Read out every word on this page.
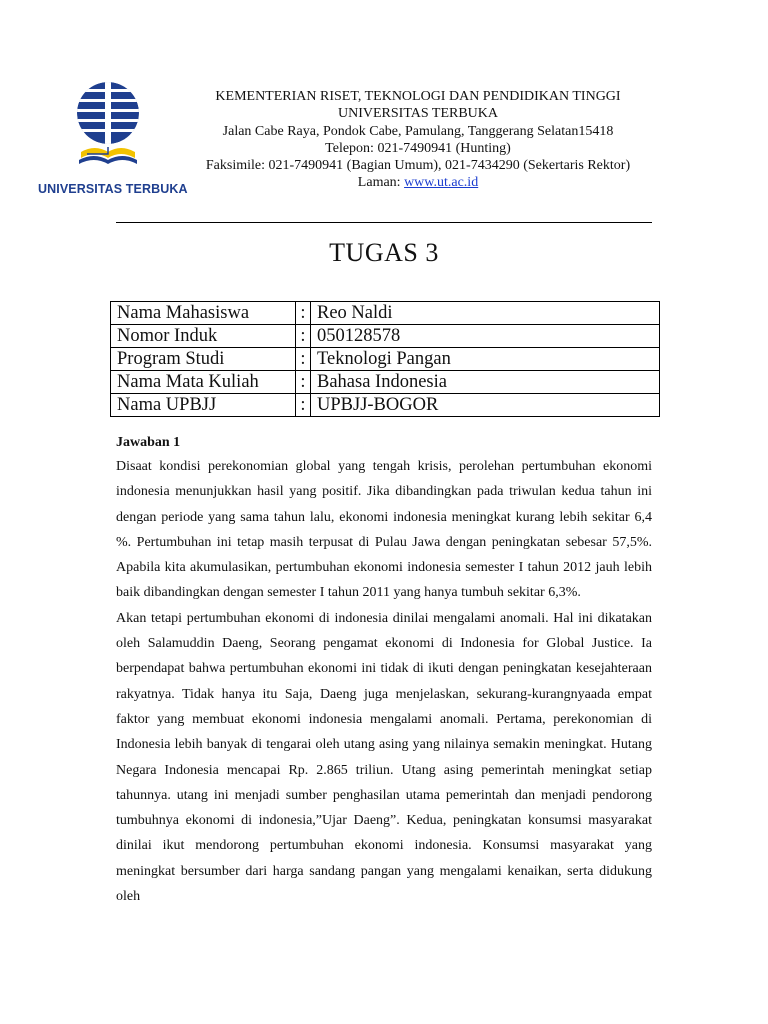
UNIVERSITAS TERBUKA
KEMENTERIAN RISET, TEKNOLOGI DAN PENDIDIKAN TINGGI
UNIVERSITAS TERBUKA
Jalan Cabe Raya, Pondok Cabe, Pamulang, Tanggerang Selatan15418
Telepon: 021-7490941 (Hunting)
Faksimile: 021-7490941 (Bagian Umum), 021-7434290 (Sekertaris Rektor)
Laman: www.ut.ac.id
TUGAS 3
Nama Mahasiswa	:	Reo Naldi
Nomor Induk	:	050128578
Program Studi	:	Teknologi Pangan
Nama Mata Kuliah	:	Bahasa Indonesia
Nama UPBJJ	:	UPBJJ-BOGOR
Jawaban 1

Disaat kondisi perekonomian global yang tengah krisis, perolehan pertumbuhan ekonomi indonesia menunjukkan hasil yang positif. Jika dibandingkan pada triwulan kedua tahun ini dengan periode yang sama tahun lalu, ekonomi indonesia meningkat kurang lebih sekitar 6,4 %. Pertumbuhan ini tetap masih terpusat di Pulau Jawa dengan peningkatan sebesar 57,5%. Apabila kita akumulasikan, pertumbuhan ekonomi indonesia semester I tahun 2012 jauh lebih baik dibandingkan dengan semester I tahun 2011 yang hanya tumbuh sekitar 6,3%.

Akan tetapi pertumbuhan ekonomi di indonesia dinilai mengalami anomali. Hal ini dikatakan oleh Salamuddin Daeng, Seorang pengamat ekonomi di Indonesia for Global Justice. Ia berpendapat bahwa pertumbuhan ekonomi ini tidak di ikuti dengan peningkatan kesejahteraan rakyatnya. Tidak hanya itu Saja, Daeng juga menjelaskan, sekurang-kurangnyaada empat faktor yang membuat ekonomi indonesia mengalami anomali. Pertama, perekonomian di Indonesia lebih banyak di tengarai oleh utang asing yang nilainya semakin meningkat. Hutang Negara Indonesia mencapai Rp. 2.865 triliun. Utang asing pemerintah meningkat setiap tahunnya. utang ini menjadi sumber penghasilan utama pemerintah dan menjadi pendorong tumbuhnya ekonomi di indonesia,”Ujar Daeng”. Kedua, peningkatan konsumsi masyarakat dinilai ikut mendorong pertumbuhan ekonomi indonesia. Konsumsi masyarakat yang meningkat bersumber dari harga sandang pangan yang mengalami kenaikan, serta didukung oleh
